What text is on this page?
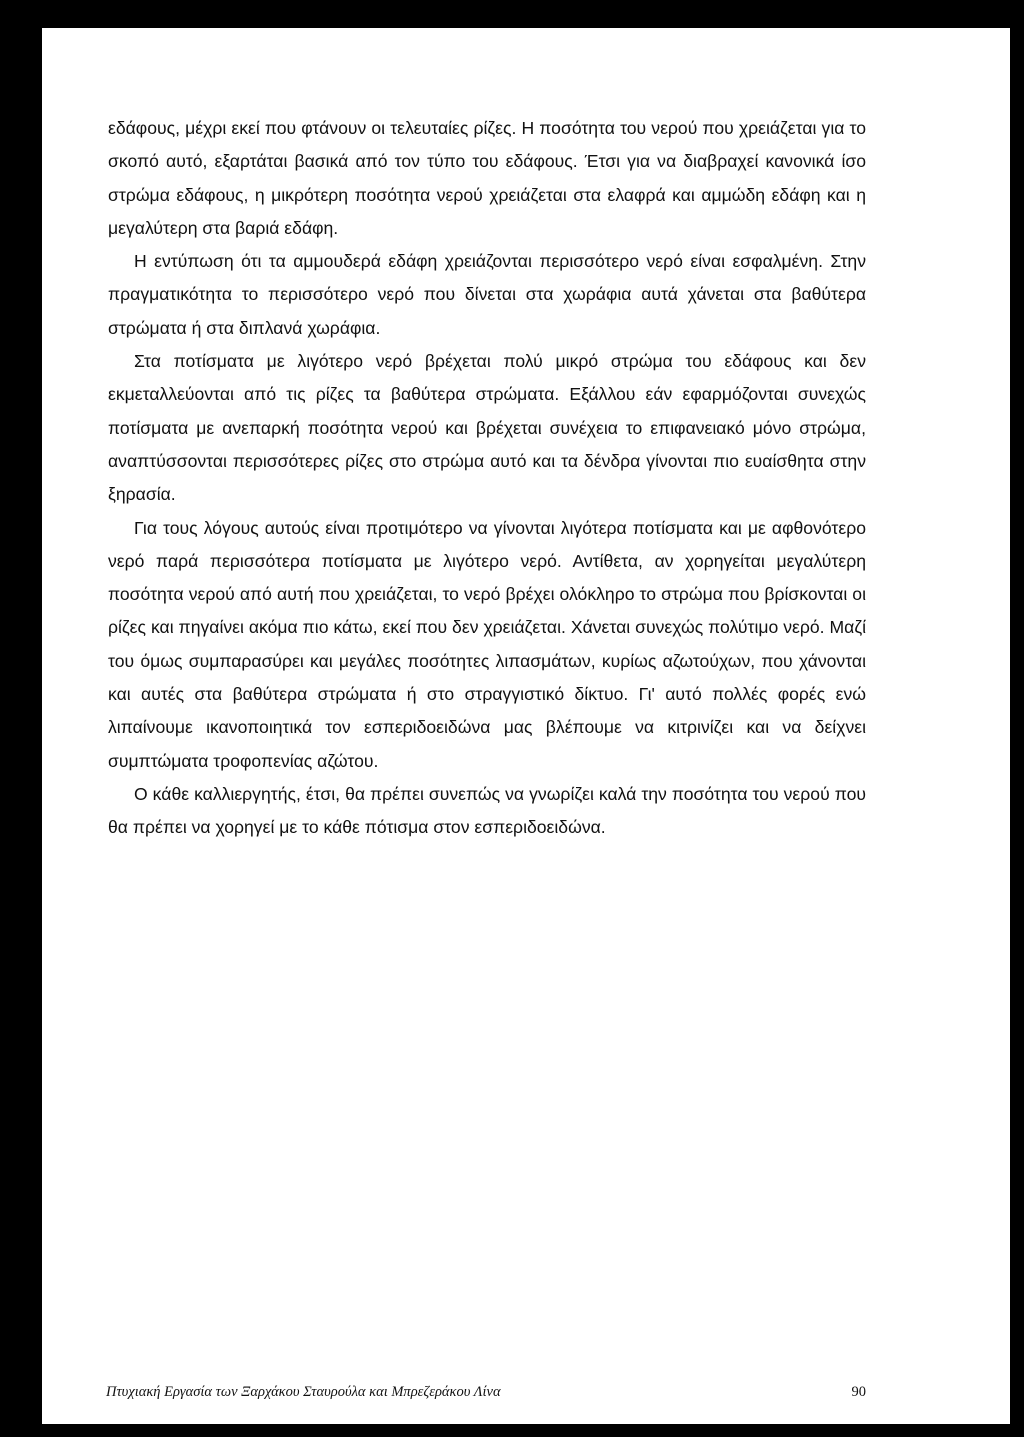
εδάφους, μέχρι εκεί που φτάνουν οι τελευταίες ρίζες. Η ποσότητα του νερού που χρειάζεται για το σκοπό αυτό, εξαρτάται βασικά από τον τύπο του εδάφους. Έτσι για να διαβραχεί κανονικά ίσο στρώμα εδάφους, η μικρότερη ποσότητα νερού χρειάζεται στα ελαφρά και αμμώδη εδάφη και η μεγαλύτερη στα βαριά εδάφη.

Η εντύπωση ότι τα αμμουδερά εδάφη χρειάζονται περισσότερο νερό είναι εσφαλμένη. Στην πραγματικότητα το περισσότερο νερό που δίνεται στα χωράφια αυτά χάνεται στα βαθύτερα στρώματα ή στα διπλανά χωράφια.

Στα ποτίσματα με λιγότερο νερό βρέχεται πολύ μικρό στρώμα του εδάφους και δεν εκμεταλλεύονται από τις ρίζες τα βαθύτερα στρώματα. Εξάλλου εάν εφαρμόζονται συνεχώς ποτίσματα με ανεπαρκή ποσότητα νερού και βρέχεται συνέχεια το επιφανειακό μόνο στρώμα, αναπτύσσονται περισσότερες ρίζες στο στρώμα αυτό και τα δένδρα γίνονται πιο ευαίσθητα στην ξηρασία.

Για τους λόγους αυτούς είναι προτιμότερο να γίνονται λιγότερα ποτίσματα και με αφθονότερο νερό παρά περισσότερα ποτίσματα με λιγότερο νερό. Αντίθετα, αν χορηγείται μεγαλύτερη ποσότητα νερού από αυτή που χρειάζεται, το νερό βρέχει ολόκληρο το στρώμα που βρίσκονται οι ρίζες και πηγαίνει ακόμα πιο κάτω, εκεί που δεν χρειάζεται. Χάνεται συνεχώς πολύτιμο νερό. Μαζί του όμως συμπαρασύρει και μεγάλες ποσότητες λιπασμάτων, κυρίως αζωτούχων, που χάνονται και αυτές στα βαθύτερα στρώματα ή στο στραγγιστικό δίκτυο. Γι' αυτό πολλές φορές ενώ λιπαίνουμε ικανοποιητικά τον εσπεριδοειδώνα μας βλέπουμε να κιτρινίζει και να δείχνει συμπτώματα τροφοπενίας αζώτου.

Ο κάθε καλλιεργητής, έτσι, θα πρέπει συνεπώς να γνωρίζει καλά την ποσότητα του νερού που θα πρέπει να χορηγεί με το κάθε πότισμα στον εσπεριδοειδώνα.

Πτυχιακή Εργασία των Ξαρχάκου Σταυρούλα και Μπρεζεράκου Λίνα	90
